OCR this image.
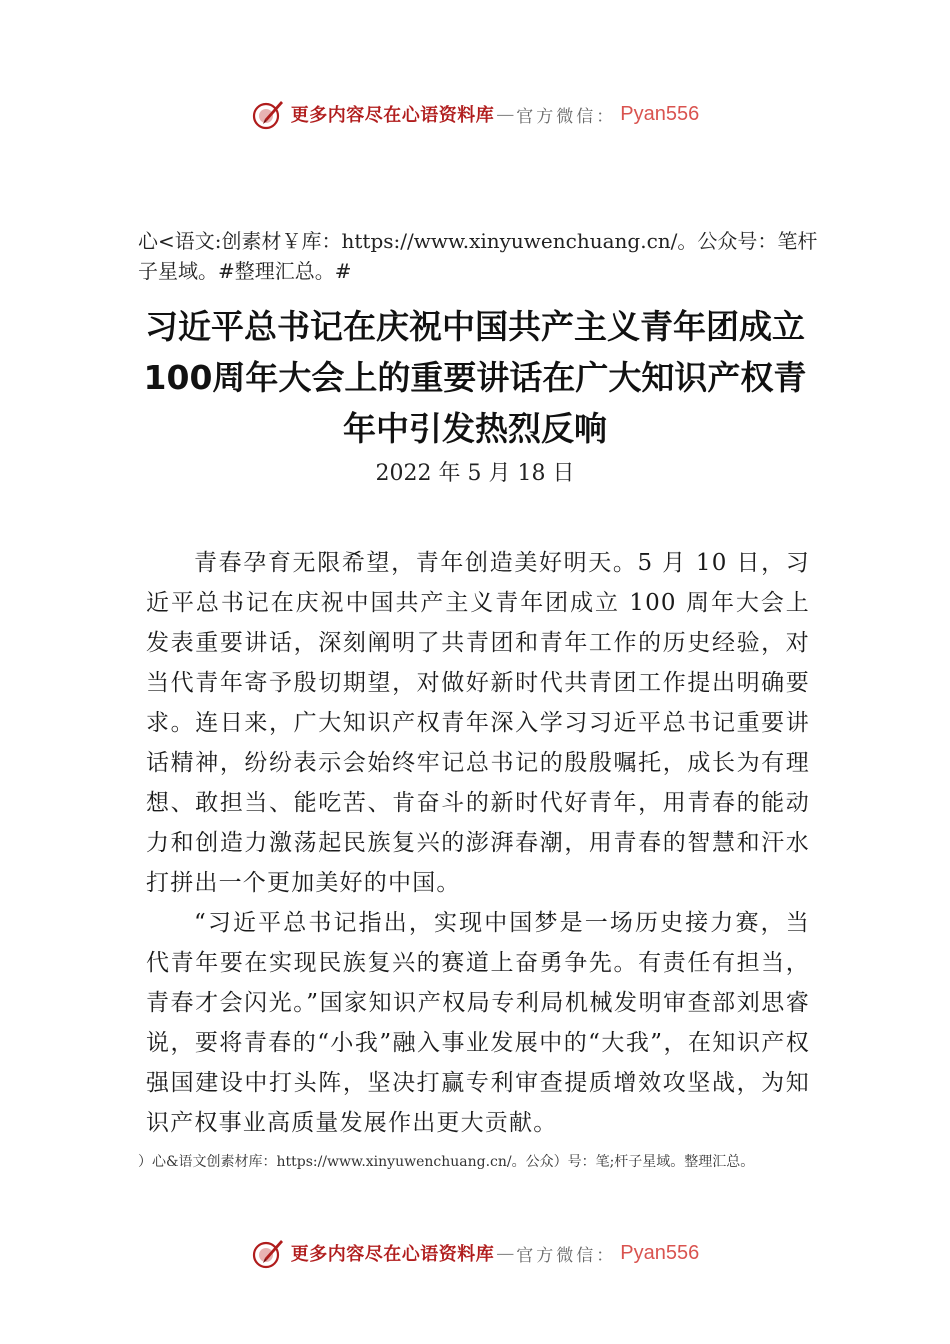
更多内容尽在心语资料库 — 官方微信： Pyan556
心<语文:创素材￥库：https://www.xinyuwenchuang.cn/。公众号：笔杆子星域。#整理汇总。#
习近平总书记在庆祝中国共产主义青年团成立100周年大会上的重要讲话在广大知识产权青年中引发热烈反响
2022 年 5 月 18 日

青春孕育无限希望，青年创造美好明天。5 月 10 日，习近平总书记在庆祝中国共产主义青年团成立 100 周年大会上发表重要讲话，深刻阐明了共青团和青年工作的历史经验，对当代青年寄予殷切期望，对做好新时代共青团工作提出明确要求。连日来，广大知识产权青年深入学习习近平总书记重要讲话精神，纷纷表示会始终牢记总书记的殷殷嘱托，成长为有理想、敢担当、能吃苦、肯奋斗的新时代好青年，用青春的能动力和创造力激荡起民族复兴的澎湃春潮，用青春的智慧和汗水打拼出一个更加美好的中国。

“习近平总书记指出，实现中国梦是一场历史接力赛，当代青年要在实现民族复兴的赛道上奋勇争先。有责任有担当，青春才会闪光。”国家知识产权局专利局机械发明审查部刘思睿说，要将青春的“小我”融入事业发展中的“大我”，在知识产权强国建设中打头阵，坚决打赢专利审查提质增效攻坚战，为知识产权事业高质量发展作出更大贡献。

）心&语文创素材库：https://www.xinyuwenchuang.cn/。公众）号：笔;杆子星域。整理汇总。
更多内容尽在心语资料库 — 官方微信： Pyan556
